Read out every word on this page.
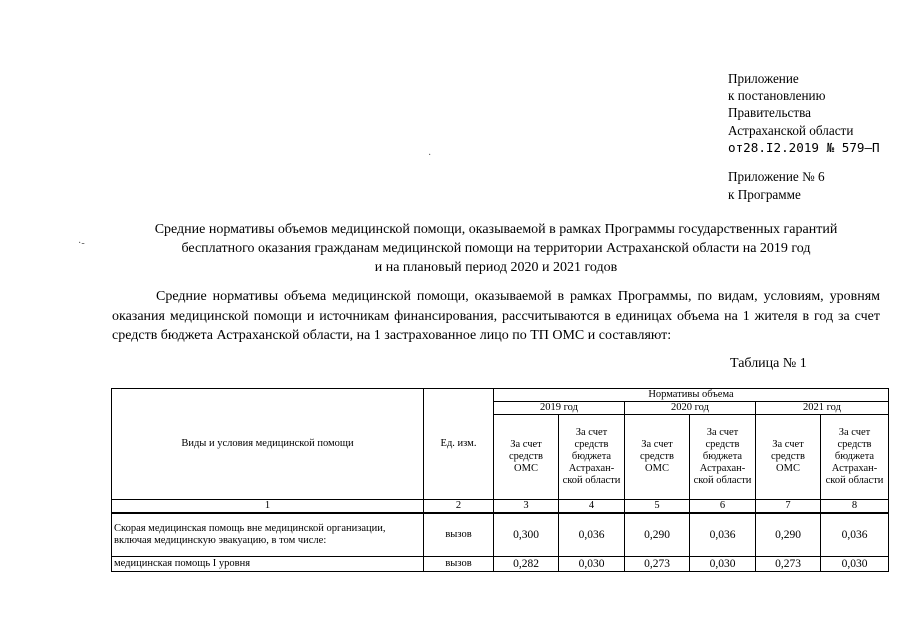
Приложение
к постановлению
Правительства
Астраханской области
от28.I2.2019 № 579–П
Приложение № 6
к Программе
·
·-
Средние нормативы объемов медицинской помощи, оказываемой в рамках Программы государственных гарантий
бесплатного оказания гражданам медицинской помощи на территории Астраханской области на 2019 год
и на плановый период 2020 и 2021 годов

Средние нормативы объема медицинской помощи, оказываемой в рамках Программы, по видам, условиям, уровням оказания медицинской помощи и источникам финансирования, рассчитываются в единицах объема на 1 жителя в год за счет средств бюджета Астраханской области, на 1 застрахованное лицо по ТП ОМС и составляют:

Таблица № 1
Виды и условия медицинской помощи	Ед. изм.	Нормативы объема					
		2019 год		2020 год		2021 год	
		За счет средств ОМС	За счет средств бюджета Астрахан-ской области	За счет средств ОМС	За счет средств бюджета Астрахан-ской области	За счет средств ОМС	За счет средств бюджета Астрахан-ской области
1	2	3	4	5	6	7	8
Скорая медицинская помощь вне медицинской организации, включая медицинскую эвакуацию, в том числе:	вызов	0,300	0,036	0,290	0,036	0,290	0,036
медицинская помощь I уровня	вызов	0,282	0,030	0,273	0,030	0,273	0,030
